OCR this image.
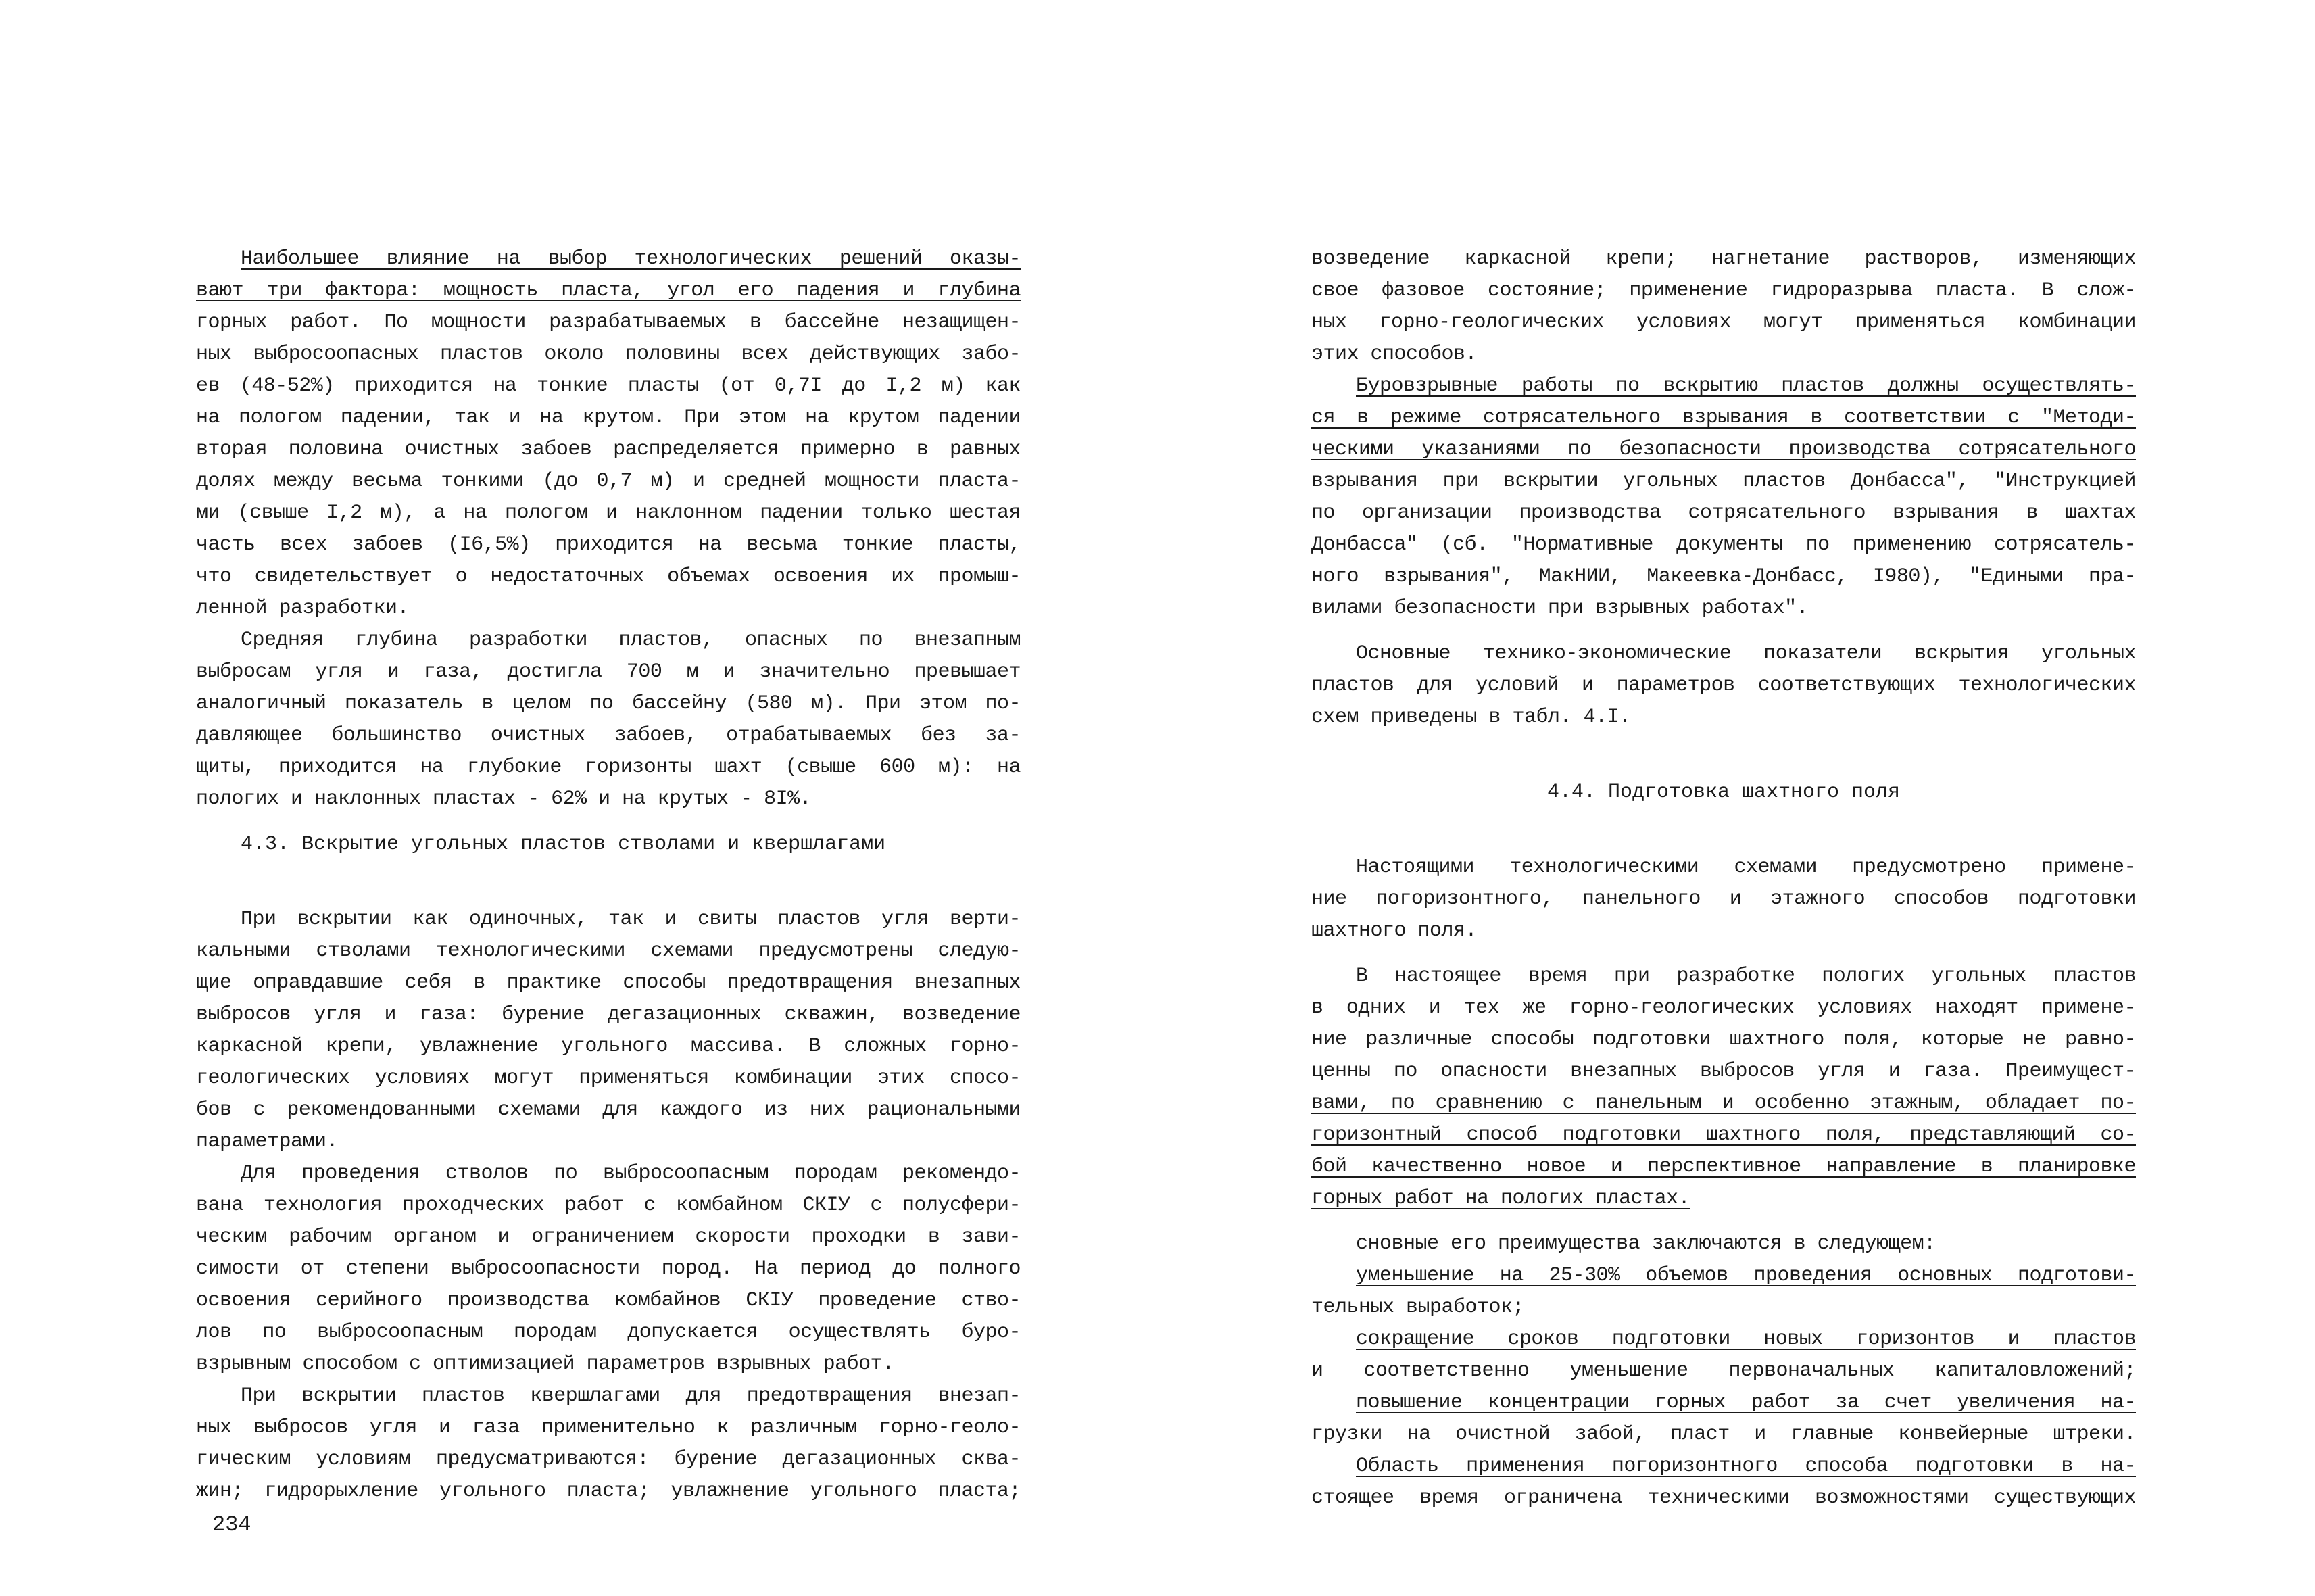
Наибольшее влияние на выбор технологических решений оказы-
вают три фактора: мощность пласта, угол его падения и глубина
горных работ. По мощности разрабатываемых в бассейне незащищен-
ных выбросоопасных пластов около половины всех действующих забо-
ев (48-52%) приходится на тонкие пласты (от 0,7I до I,2 м) как
на пологом падении, так и на крутом. При этом на крутом падении
вторая половина очистных забоев распределяется примерно в равных
долях между весьма тонкими (до 0,7 м) и средней мощности пласта-
ми (свыше I,2 м), а на пологом и наклонном падении только шестая
часть всех забоев (I6,5%) приходится на весьма тонкие пласты,
что свидетельствует о недостаточных объемах освоения их промыш-
ленной разработки.
Средняя глубина разработки пластов, опасных по внезапным
выбросам угля и газа, достигла 700 м и значительно превышает
аналогичный показатель в целом по бассейну (580 м). При этом по-
давляющее большинство очистных забоев, отрабатываемых без за-
щиты, приходится на глубокие горизонты шахт (свыше 600 м): на
пологих и наклонных пластах - 62% и на крутых - 8I%.
4.3. Вскрытие угольных пластов стволами и квершлагами
При вскрытии как одиночных, так и свиты пластов угля верти-
кальными стволами технологическими схемами предусмотрены следую-
щие оправдавшие себя в практике способы предотвращения внезапных
выбросов угля и газа: бурение дегазационных скважин, возведение
каркасной крепи, увлажнение угольного массива. В сложных горно-
геологических условиях могут применяться комбинации этих спосо-
бов с рекомендованными схемами для каждого из них рациональными
параметрами.
Для проведения стволов по выбросоопасным породам рекомендо-
вана технология проходческих работ с комбайном СКIУ с полусфери-
ческим рабочим органом и ограничением скорости проходки в зави-
симости от степени выбросоопасности пород. На период до полного
освоения серийного производства комбайнов СКIУ проведение ство-
лов по выбросоопасным породам допускается осуществлять буро-
взрывным способом с оптимизацией параметров взрывных работ.
При вскрытии пластов квершлагами для предотвращения внезап-
ных выбросов угля и газа применительно к различным горно-геоло-
гическим условиям предусматриваются: бурение дегазационных сква-
жин; гидрорыхление угольного пласта; увлажнение угольного пласта;
234
возведение каркасной крепи; нагнетание растворов, изменяющих
свое фазовое состояние; применение гидроразрыва пласта. В слож-
ных горно-геологических условиях могут применяться комбинации
этих способов.
Буровзрывные работы по вскрытию пластов должны осуществлять-
ся в режиме сотрясательного взрывания в соответствии с "Методи-
ческими указаниями по безопасности производства сотрясательного
взрывания при вскрытии угольных пластов Донбасса", "Инструкцией
по организации производства сотрясательного взрывания в шахтах
Донбасса" (сб. "Нормативные документы по применению сотрясатель-
ного взрывания", МакНИИ, Макеевка-Донбасс, I980), "Едиными пра-
вилами безопасности при взрывных работах".
Основные технико-экономические показатели вскрытия угольных
пластов для условий и параметров соответствующих технологических
схем приведены в табл. 4.I.
4.4. Подготовка шахтного поля
Настоящими технологическими схемами предусмотрено примене-
ние погоризонтного, панельного и этажного способов подготовки
шахтного поля.
В настоящее время при разработке пологих угольных пластов
в одних и тех же горно-геологических условиях находят примене-
ние различные способы подготовки шахтного поля, которые не равно-
ценны по опасности внезапных выбросов угля и газа. Преимущест-
вами, по сравнению с панельным и особенно этажным, обладает по-
горизонтный способ подготовки шахтного поля, представляющий со-
бой качественно новое и перспективное направление в планировке
горных работ на пологих пластах.
сновные его преимущества заключаются в следующем:
уменьшение на 25-30% объемов проведения основных подготови-
тельных выработок;
сокращение сроков подготовки новых горизонтов и пластов
и соответственно уменьшение первоначальных капиталовложений;
повышение концентрации горных работ за счет увеличения на-
грузки на очистной забой, пласт и главные конвейерные штреки.
Область применения погоризонтного способа подготовки в на-
стоящее время ограничена техническими возможностями существующих
